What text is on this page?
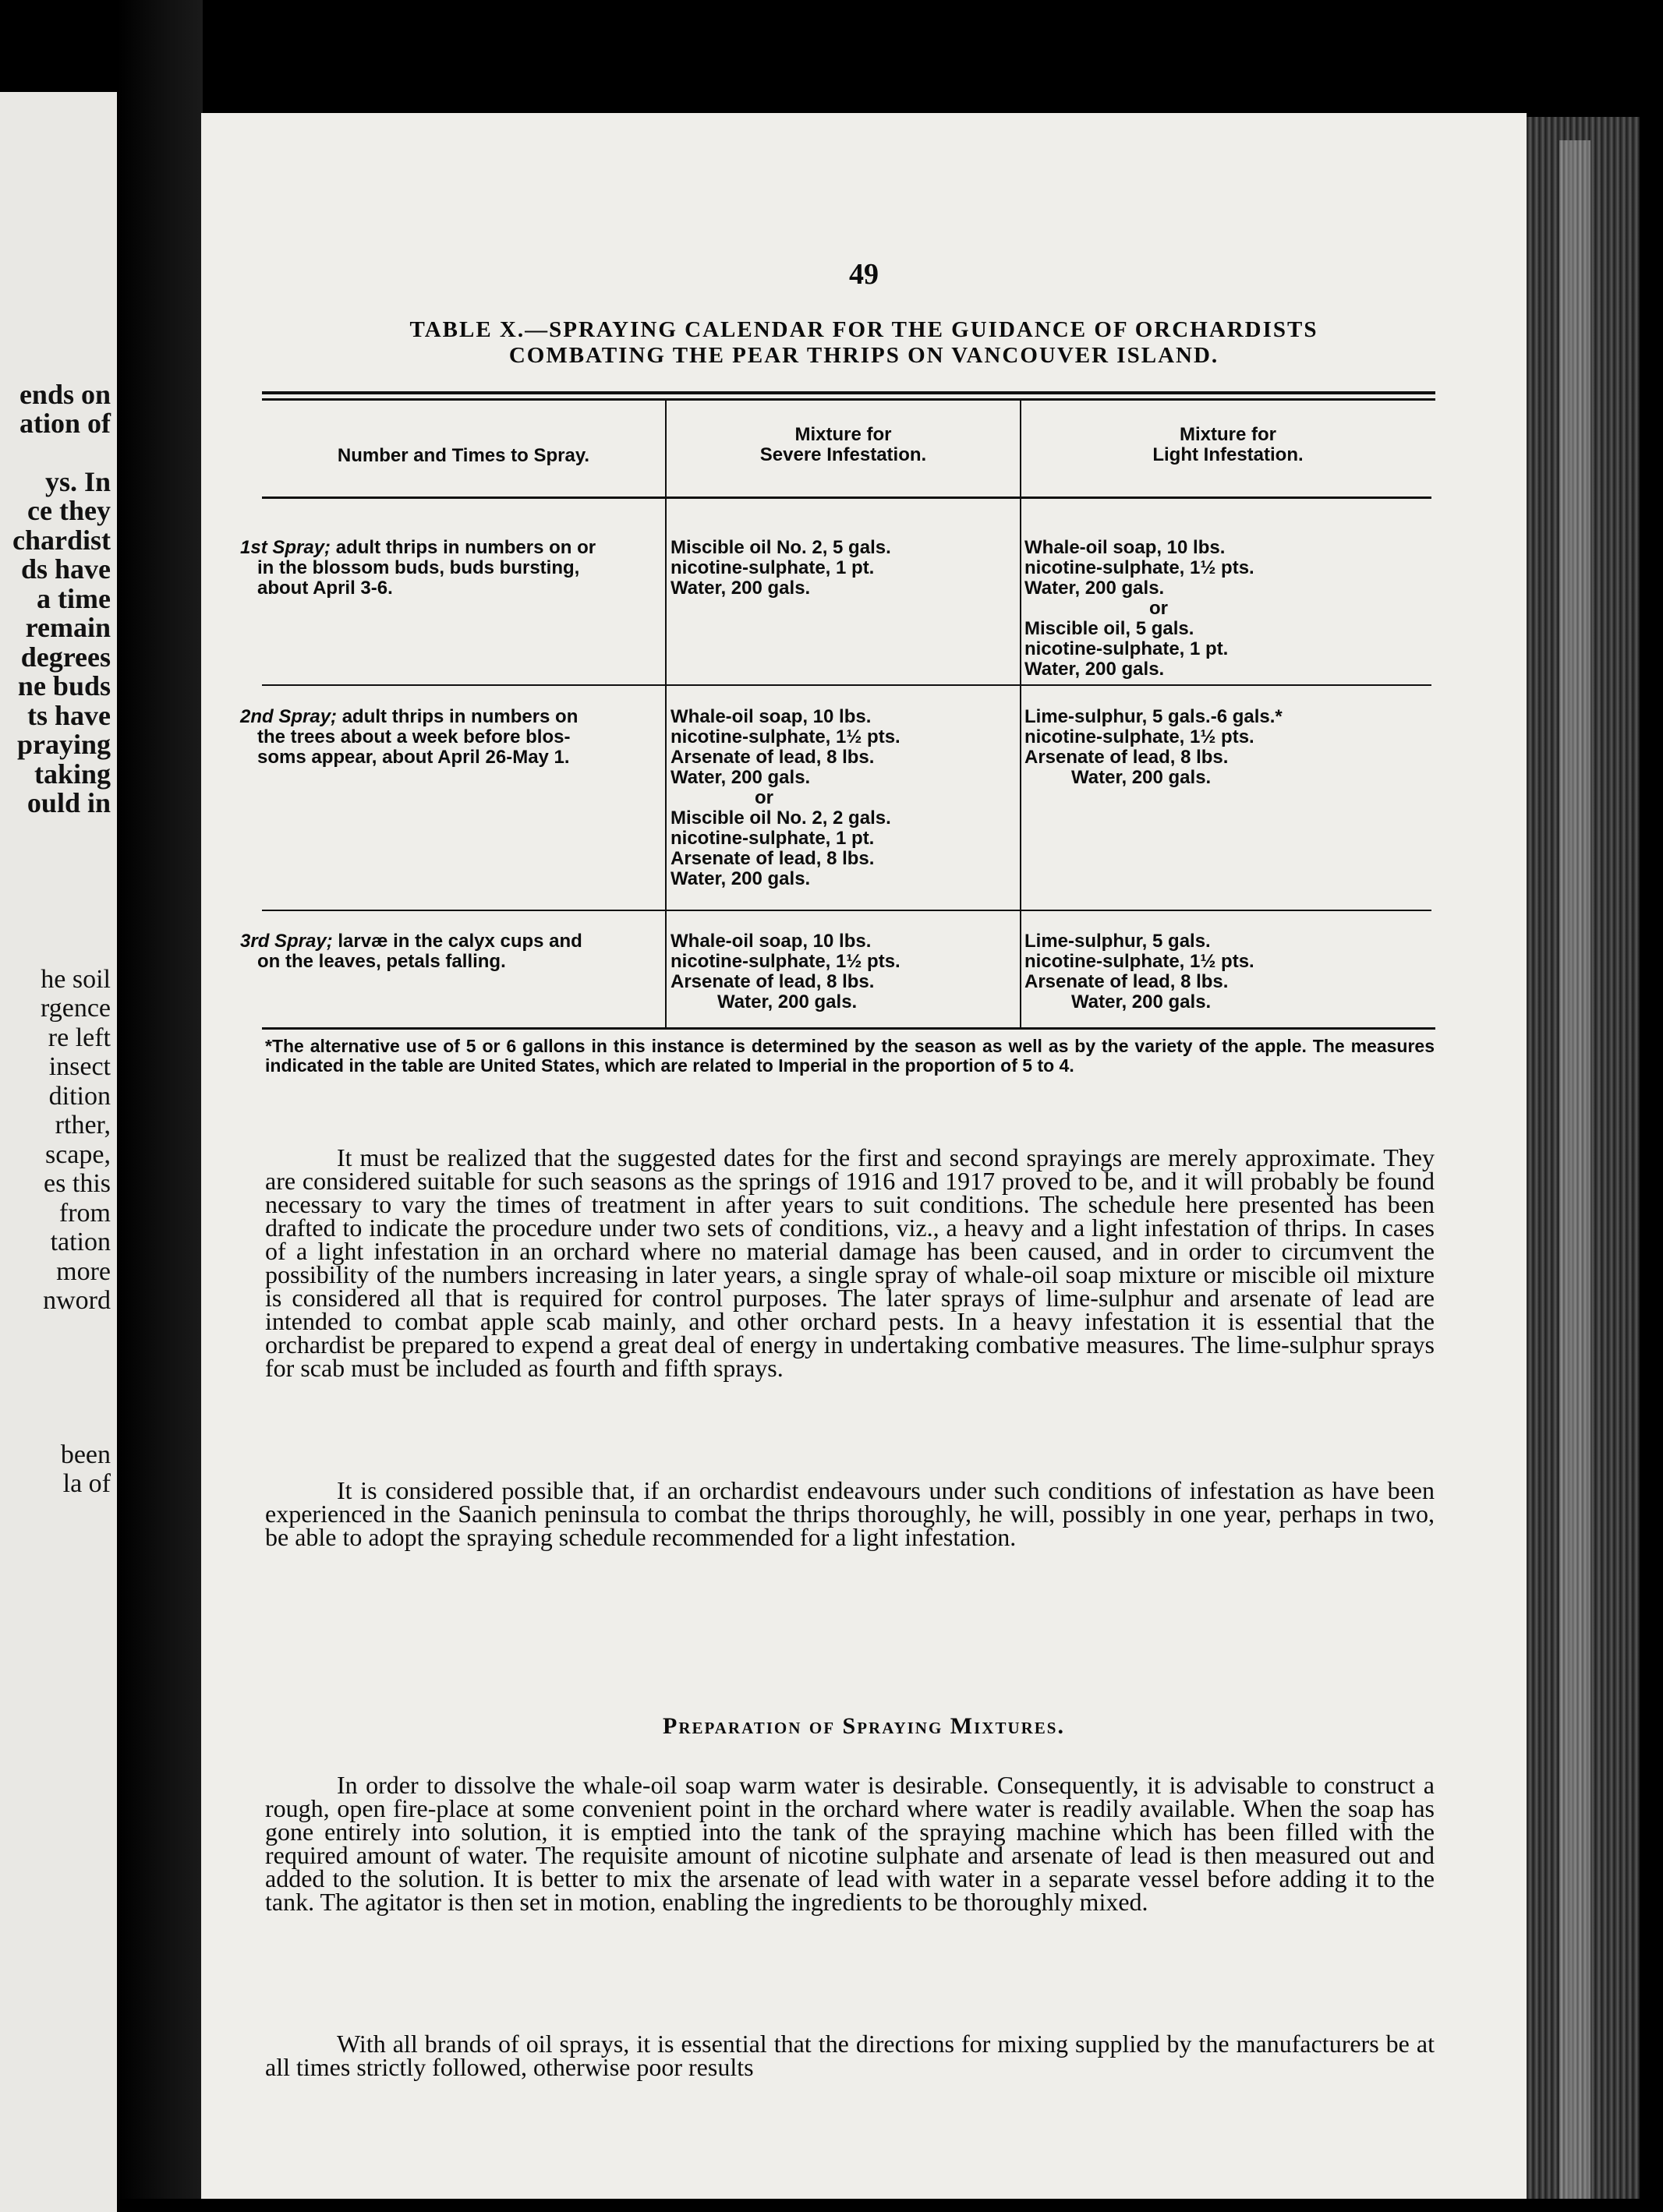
ends on
ation of
ys. In
ce they
chardist
ds have
a time
remain
degrees
ne buds
ts have
praying
taking
ould in
he soil
rgence
re left
insect
dition
rther,
scape,
es this
from
tation
more
nword
been
la of
49
TABLE X.—SPRAYING CALENDAR FOR THE GUIDANCE OF ORCHARDISTS
COMBATING THE PEAR THRIPS ON VANCOUVER ISLAND.
Number and Times to Spray.
Mixture for
Severe Infestation.
Mixture for
Light Infestation.
1st Spray; adult thrips in numbers on or
in the blossom buds, buds bursting,
about April 3-6.
Miscible oil No. 2, 5 gals.
nicotine-sulphate, 1 pt.
Water, 200 gals.
Whale-oil soap, 10 lbs.
nicotine-sulphate, 1½ pts.
Water, 200 gals.
or
Miscible oil, 5 gals.
nicotine-sulphate, 1 pt.
Water, 200 gals.
2nd Spray; adult thrips in numbers on
the trees about a week before blos-
soms appear, about April 26-May 1.
Whale-oil soap, 10 lbs.
nicotine-sulphate, 1½ pts.
Arsenate of lead, 8 lbs.
Water, 200 gals.
or
Miscible oil No. 2, 2 gals.
nicotine-sulphate, 1 pt.
Arsenate of lead, 8 lbs.
Water, 200 gals.
Lime-sulphur, 5 gals.-6 gals.*
nicotine-sulphate, 1½ pts.
Arsenate of lead, 8 lbs.
Water, 200 gals.
3rd Spray; larvæ in the calyx cups and
on the leaves, petals falling.
Whale-oil soap, 10 lbs.
nicotine-sulphate, 1½ pts.
Arsenate of lead, 8 lbs.
Water, 200 gals.
Lime-sulphur, 5 gals.
nicotine-sulphate, 1½ pts.
Arsenate of lead, 8 lbs.
Water, 200 gals.
*The alternative use of 5 or 6 gallons in this instance is determined by the season as well as by the variety of the apple. The measures indicated in the table are United States, which are related to Imperial in the proportion of 5 to 4.

It must be realized that the suggested dates for the first and second sprayings are merely approximate. They are considered suitable for such seasons as the springs of 1916 and 1917 proved to be, and it will probably be found necessary to vary the times of treatment in after years to suit conditions. The schedule here presented has been drafted to indicate the procedure under two sets of conditions, viz., a heavy and a light infestation of thrips. In cases of a light infestation in an orchard where no material damage has been caused, and in order to circumvent the possibility of the numbers increasing in later years, a single spray of whale-oil soap mixture or miscible oil mixture is considered all that is required for control purposes. The later sprays of lime-sulphur and arsenate of lead are intended to combat apple scab mainly, and other orchard pests. In a heavy infestation it is essential that the orchardist be prepared to expend a great deal of energy in undertaking combative measures. The lime-sulphur sprays for scab must be included as fourth and fifth sprays.

It is considered possible that, if an orchardist endeavours under such conditions of infestation as have been experienced in the Saanich peninsula to combat the thrips thoroughly, he will, possibly in one year, perhaps in two, be able to adopt the spraying schedule recommended for a light infestation.

Preparation of Spraying Mixtures.

In order to dissolve the whale-oil soap warm water is desirable. Consequently, it is advisable to construct a rough, open fire-place at some convenient point in the orchard where water is readily available. When the soap has gone entirely into solution, it is emptied into the tank of the spraying machine which has been filled with the required amount of water. The requisite amount of nicotine sulphate and arsenate of lead is then measured out and added to the solution. It is better to mix the arsenate of lead with water in a separate vessel before adding it to the tank. The agitator is then set in motion, enabling the ingredients to be thoroughly mixed.

With all brands of oil sprays, it is essential that the directions for mixing supplied by the manufacturers be at all times strictly followed, otherwise poor results
